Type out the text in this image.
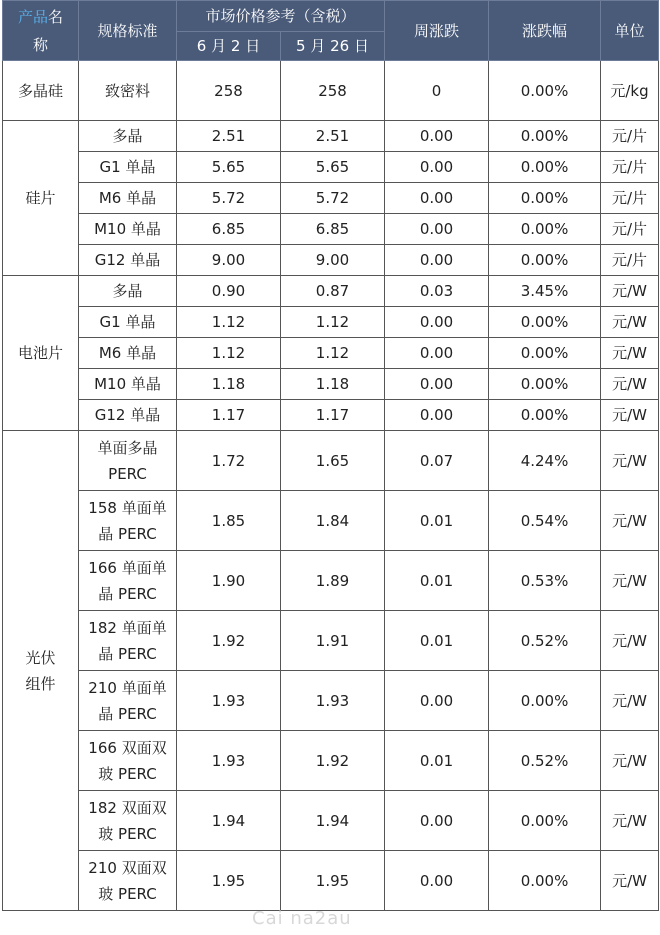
产品名
称	规格标准	市场价格参考（含税）		周涨跌	涨跌幅	单位
		6 月 2 日	5 月 26 日			
多晶硅	致密料	258	258	0	0.00%	元/kg
硅片	多晶	2.51	2.51	0.00	0.00%	元/片
	G1 单晶	5.65	5.65	0.00	0.00%	元/片
	M6 单晶	5.72	5.72	0.00	0.00%	元/片
	M10 单晶	6.85	6.85	0.00	0.00%	元/片
	G12 单晶	9.00	9.00	0.00	0.00%	元/片
电池片	多晶	0.90	0.87	0.03	3.45%	元/W
	G1 单晶	1.12	1.12	0.00	0.00%	元/W
	M6 单晶	1.12	1.12	0.00	0.00%	元/W
	M10 单晶	1.18	1.18	0.00	0.00%	元/W
	G12 单晶	1.17	1.17	0.00	0.00%	元/W
光伏组件	单面多晶 PERC	1.72	1.65	0.07	4.24%	元/W
	158 单面单晶 PERC	1.85	1.84	0.01	0.54%	元/W
	166 单面单晶 PERC	1.90	1.89	0.01	0.53%	元/W
	182 单面单晶 PERC	1.92	1.91	0.01	0.52%	元/W
	210 单面单晶 PERC	1.93	1.93	0.00	0.00%	元/W
	166 双面双玻 PERC	1.93	1.92	0.01	0.52%	元/W
	182 双面双玻 PERC	1.94	1.94	0.00	0.00%	元/W
	210 双面双玻 PERC	1.95	1.95	0.00	0.00%	元/W
Cai na2au
